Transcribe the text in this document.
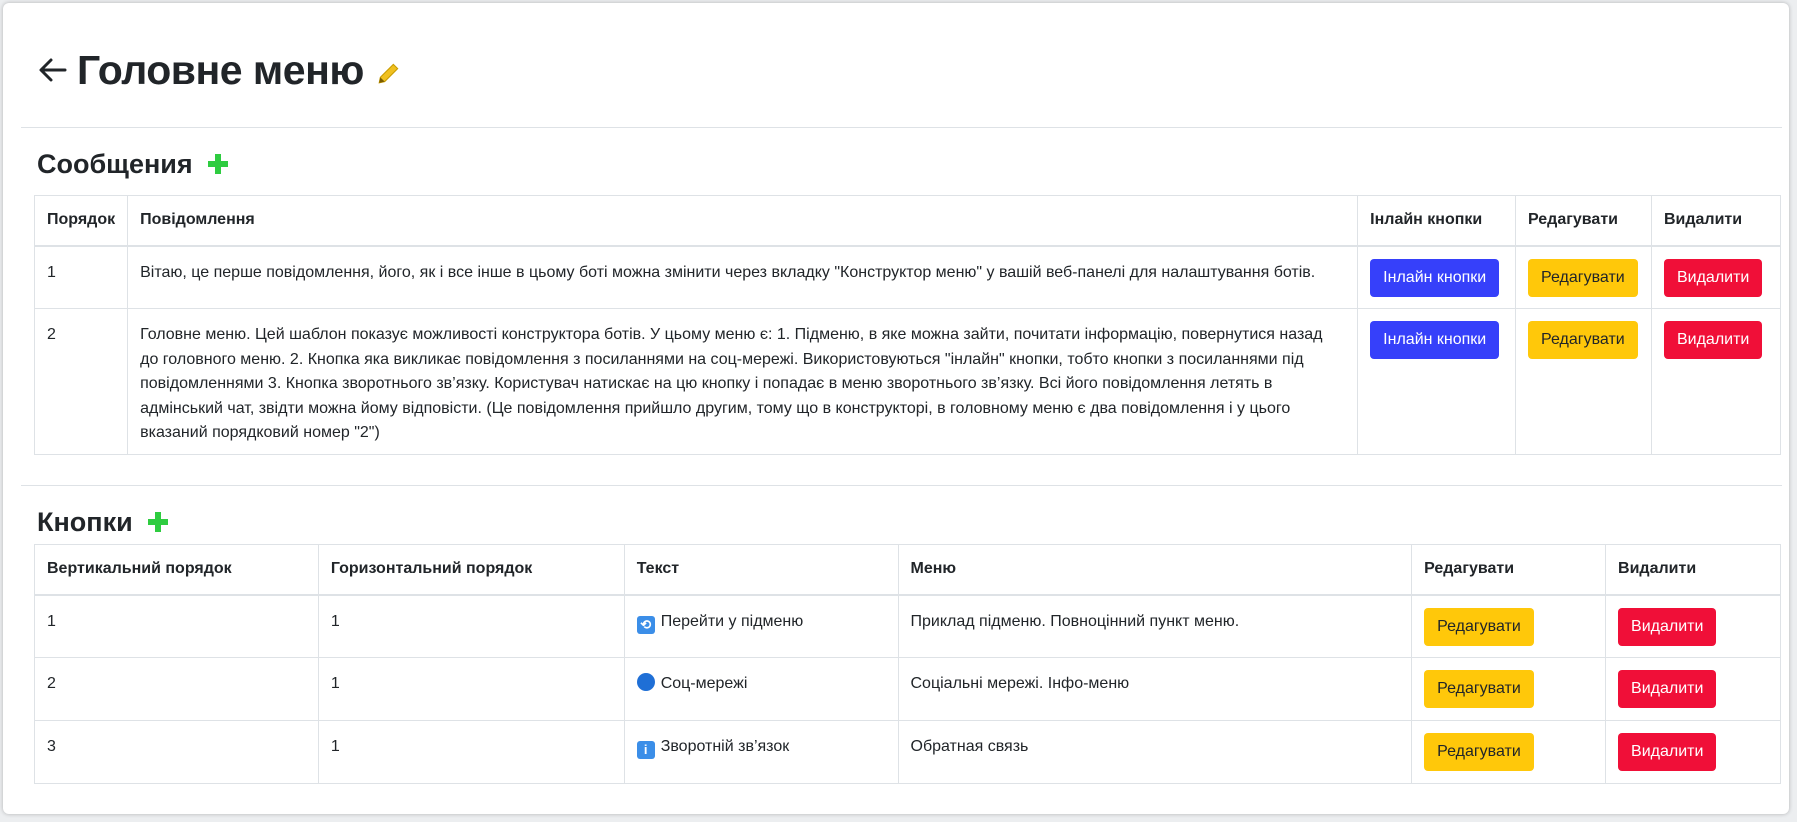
Головне меню
Сообщения
Порядок	Повідомлення	Інлайн кнопки	Редагувати	Видалити
1	Вітаю, це перше повідомлення, його, як і все інше в цьому боті можна змінити через вкладку "Конструктор меню" у вашій веб-панелі для налаштування ботів.	Інлайн кнопки	Редагувати	Видалити
2	Головне меню. Цей шаблон показує можливості конструктора ботів. У цьому меню є: 1. Підменю, в яке можна зайти, почитати інформацію, повернутися назад до головного меню. 2. Кнопка яка викликає повідомлення з посиланнями на соц-мережі. Використовуються "інлайн" кнопки, тобто кнопки з посиланнями під повідомленнями 3. Кнопка зворотнього зв’язку. Користувач натискає на цю кнопку і попадає в меню зворотнього зв’язку. Всі його повідомлення летять в адмінський чат, звідти можна йому відповісти. (Це повідомлення прийшло другим, тому що в конструкторі, в головному меню є два повідомлення і у цього вказаний порядковий номер "2")	Інлайн кнопки	Редагувати	Видалити
Кнопки
Вертикальний порядок	Горизонтальний порядок	Текст	Меню	Редагувати	Видалити
1	1	⟲ Перейти у підменю	Приклад підменю. Повноцінний пункт меню.	Редагувати	Видалити
2	1	Соц-мережі	Соціальні мережі. Інфо-меню	Редагувати	Видалити
3	1	i Зворотній зв’язок	Обратная связь	Редагувати	Видалити
